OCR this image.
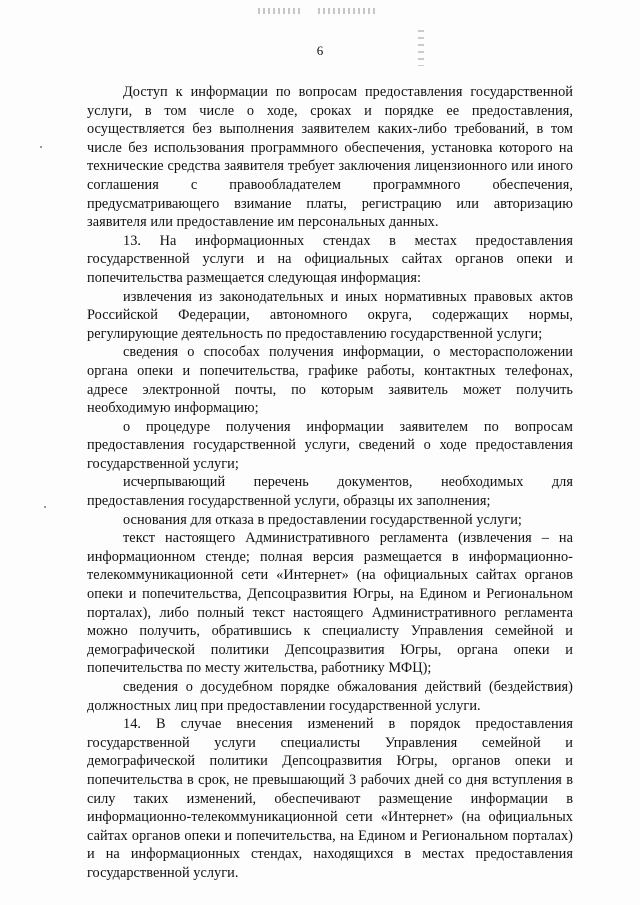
6

Доступ к информации по вопросам предоставления государственной услуги, в том числе о ходе, сроках и порядке ее предоставления, осуществляется без выполнения заявителем каких-либо требований, в том числе без использования программного обеспечения, установка которого на технические средства заявителя требует заключения лицензионного или иного соглашения с правообладателем программного обеспечения, предусматривающего взимание платы, регистрацию или авторизацию заявителя или предоставление им персональных данных.

13. На информационных стендах в местах предоставления государственной услуги и на официальных сайтах органов опеки и попечительства размещается следующая информация:

извлечения из законодательных и иных нормативных правовых актов Российской Федерации, автономного округа, содержащих нормы, регулирующие деятельность по предоставлению государственной услуги;

сведения о способах получения информации, о месторасположении органа опеки и попечительства, графике работы, контактных телефонах, адресе электронной почты, по которым заявитель может получить необходимую информацию;

о процедуре получения информации заявителем по вопросам предоставления государственной услуги, сведений о ходе предоставления государственной услуги;

исчерпывающий перечень документов, необходимых для предоставления государственной услуги, образцы их заполнения;

основания для отказа в предоставлении государственной услуги;

текст настоящего Административного регламента (извлечения – на информационном стенде; полная версия размещается в информационно-телекоммуникационной сети «Интернет» (на официальных сайтах органов опеки и попечительства, Депсоцразвития Югры, на Едином и Региональном порталах), либо полный текст настоящего Административного регламента можно получить, обратившись к специалисту Управления семейной и демографической политики Депсоцразвития Югры, органа опеки и попечительства по месту жительства, работнику МФЦ);

сведения о досудебном порядке обжалования действий (бездействия) должностных лиц при предоставлении государственной услуги.

14. В случае внесения изменений в порядок предоставления государственной услуги специалисты Управления семейной и демографической политики Депсоцразвития Югры, органов опеки и попечительства в срок, не превышающий 3 рабочих дней со дня вступления в силу таких изменений, обеспечивают размещение информации в информационно-телекоммуникационной сети «Интернет» (на официальных сайтах органов опеки и попечительства, на Едином и Региональном порталах) и на информационных стендах, находящихся в местах предоставления государственной услуги.
